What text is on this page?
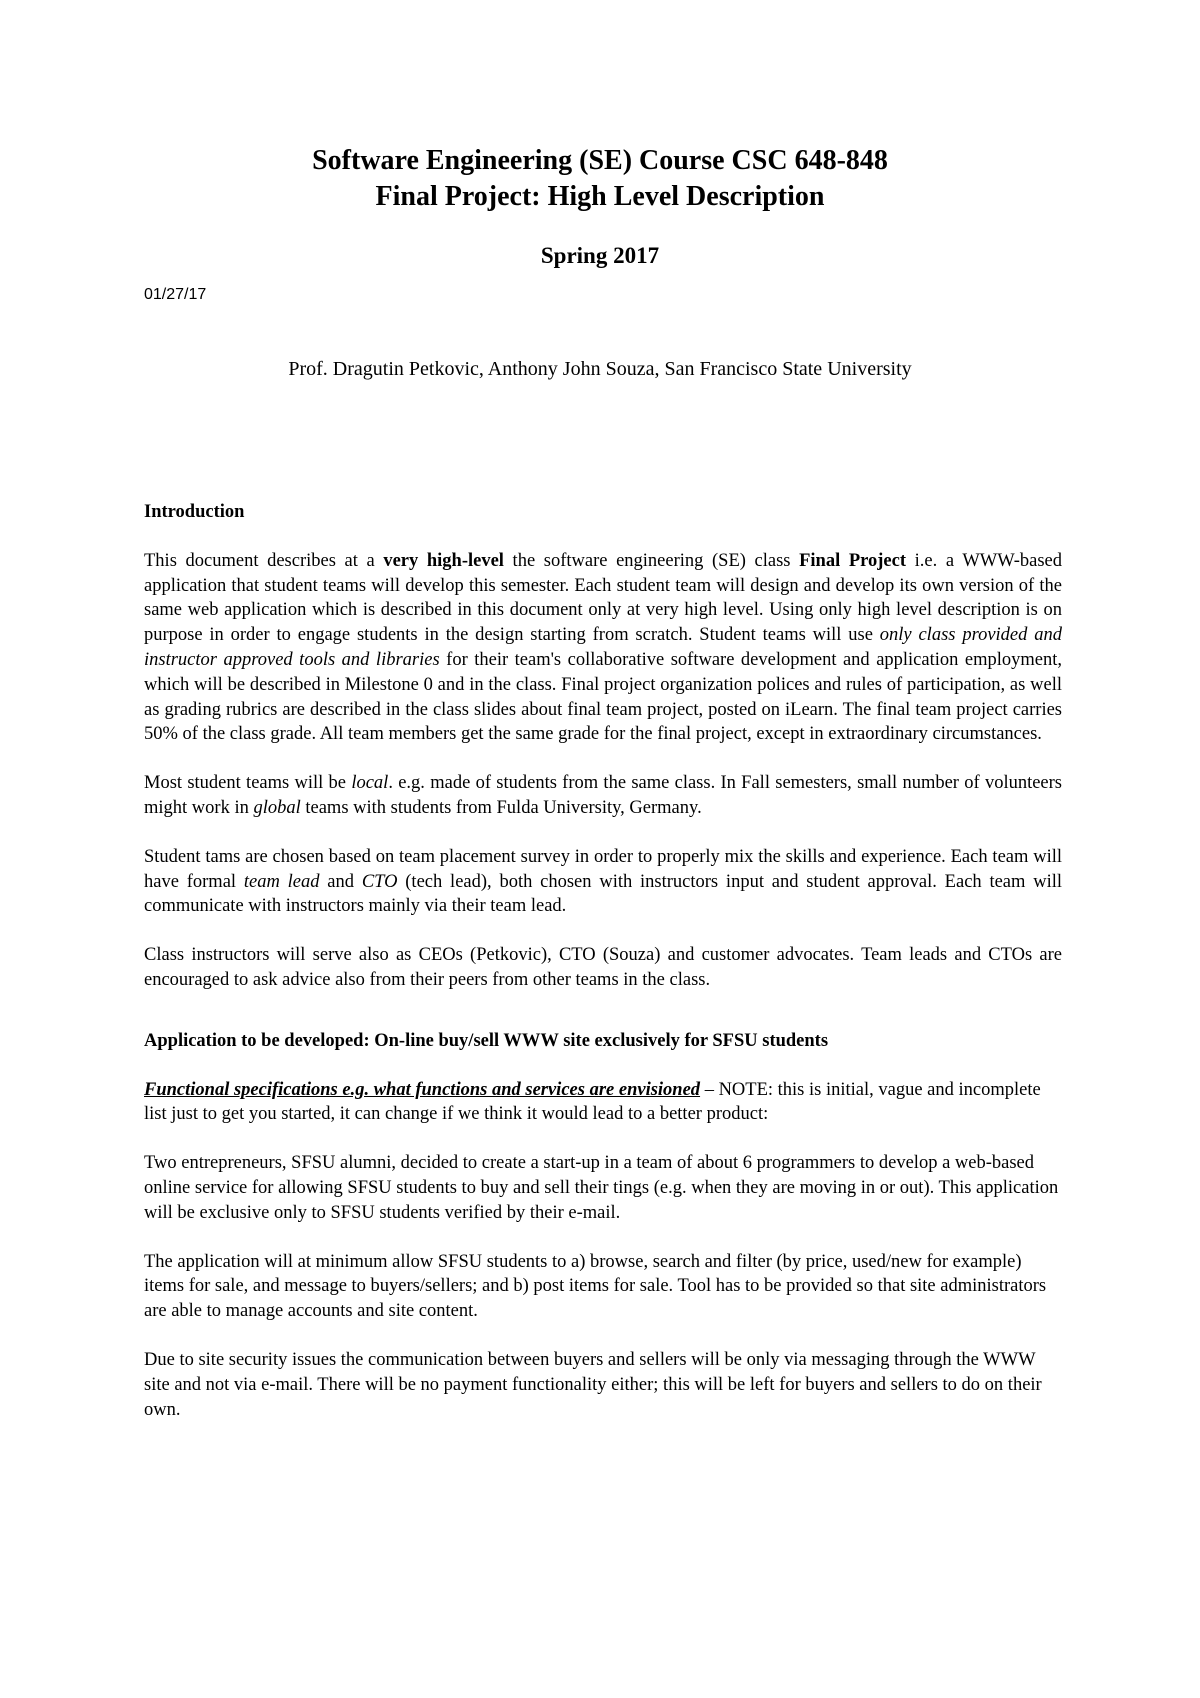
Software Engineering (SE) Course CSC 648-848

Final Project: High Level Description

Spring 2017

01/27/17

Prof. Dragutin Petkovic, Anthony John Souza, San Francisco State University

Introduction

This document describes at a very high-level the software engineering (SE) class Final Project i.e. a WWW-based application that student teams will develop this semester. Each student team will design and develop its own version of the same web application which is described in this document only at very high level. Using only high level description is on purpose in order to engage students in the design starting from scratch. Student teams will use only class provided and instructor approved tools and libraries for their team's collaborative software development and application employment, which will be described in Milestone 0 and in the class. Final project organization polices and rules of participation, as well as grading rubrics are described in the class slides about final team project, posted on iLearn. The final team project carries 50% of the class grade. All team members get the same grade for the final project, except in extraordinary circumstances.

Most student teams will be local. e.g. made of students from the same class. In Fall semesters, small number of volunteers might work in global teams with students from Fulda University, Germany.

Student tams are chosen based on team placement survey in order to properly mix the skills and experience. Each team will have formal team lead and CTO (tech lead), both chosen with instructors input and student approval. Each team will communicate with instructors mainly via their team lead.

Class instructors will serve also as CEOs (Petkovic), CTO (Souza) and customer advocates. Team leads and CTOs are encouraged to ask advice also from their peers from other teams in the class.

Application to be developed: On-line buy/sell WWW site exclusively for SFSU students

Functional specifications e.g. what functions and services are envisioned – NOTE: this is initial, vague and incomplete list just to get you started, it can change if we think it would lead to a better product:

Two entrepreneurs, SFSU alumni, decided to create a start-up in a team of about 6 programmers to develop a web-based online service for allowing SFSU students to buy and sell their tings (e.g. when they are moving in or out). This application will be exclusive only to SFSU students verified by their e-mail.

The application will at minimum allow SFSU students to a) browse, search and filter (by price, used/new for example) items for sale, and message to buyers/sellers; and b) post items for sale. Tool has to be provided so that site administrators are able to manage accounts and site content.

Due to site security issues the communication between buyers and sellers will be only via messaging through the WWW site and not via e-mail. There will be no payment functionality either; this will be left for buyers and sellers to do on their own.
